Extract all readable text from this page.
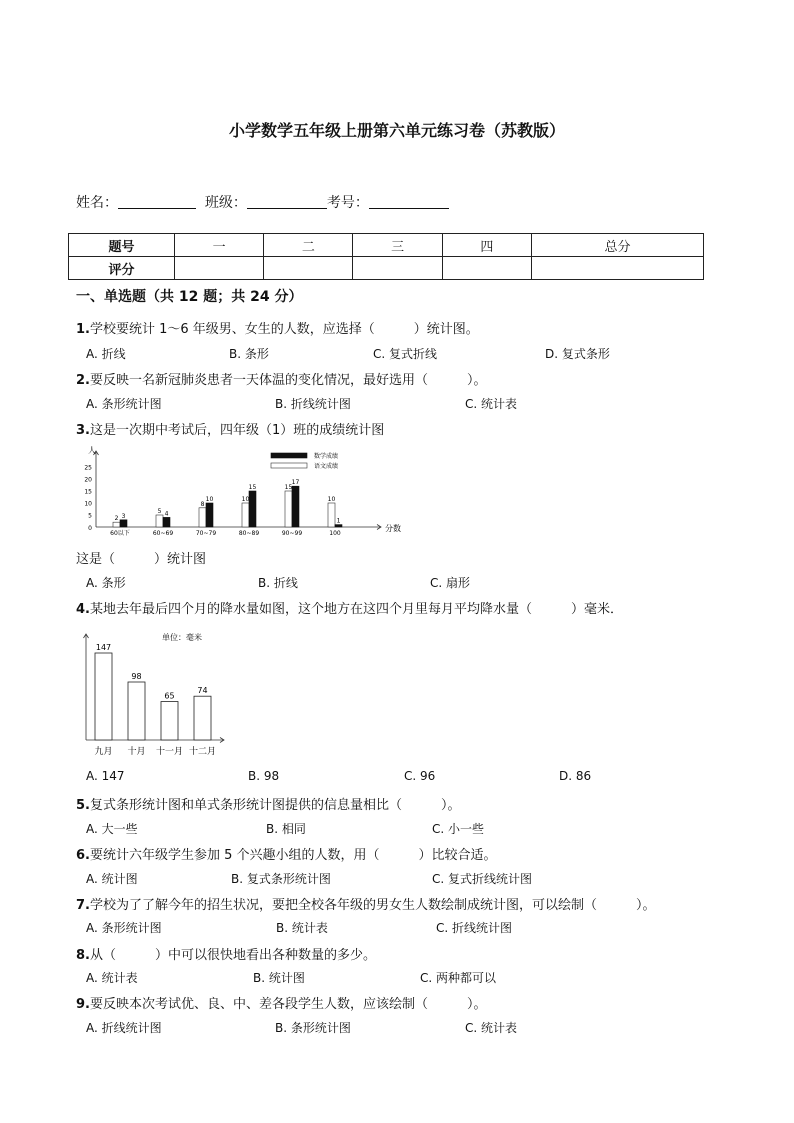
小学数学五年级上册第六单元练习卷（苏教版）
姓名：	班级：	考号：
题号	一	二	三	四	总分
评分					
一、单选题（共 12 题；共 24 分）
1.学校要统计 1～6 年级男、女生的人数，应选择（　　　）统计图。
A. 折线	B. 条形	C. 复式折线	D. 复式条形
2.要反映一名新冠肺炎患者一天体温的变化情况，最好选用（　　　）。
A. 条形统计图	B. 折线统计图	C. 统计表
3.这是一次期中考试后，四年级（1）班的成绩统计图
人
分数
5
10
15
20
25
0
2 3
60以下
5 4
60~69
8
10
70~79
10
15
80~89
15
17
90~99
10
1
100
数学成绩
语文成绩
这是（　　　）统计图
A. 条形	B. 折线	C. 扇形
4.某地去年最后四个月的降水量如图，这个地方在这四个月里每月平均降水量（　　　）毫米．
单位：毫米
147
九月
98
十月
65
十一月
74
十二月
A. 147	B. 98	C. 96	D. 86
5.复式条形统计图和单式条形统计图提供的信息量相比（　　　）。
A. 大一些	B. 相同	C. 小一些
6.要统计六年级学生参加 5 个兴趣小组的人数，用（　　　）比较合适。
A. 统计图	B. 复式条形统计图	C. 复式折线统计图
7.学校为了了解今年的招生状况，要把全校各年级的男女生人数绘制成统计图，可以绘制（　　　）。
A. 条形统计图	B. 统计表	C. 折线统计图
8.从（　　　）中可以很快地看出各种数量的多少。
A. 统计表	B. 统计图	C. 两种都可以
9.要反映本次考试优、良、中、差各段学生人数，应该绘制（　　　）。
A. 折线统计图	B. 条形统计图	C. 统计表
